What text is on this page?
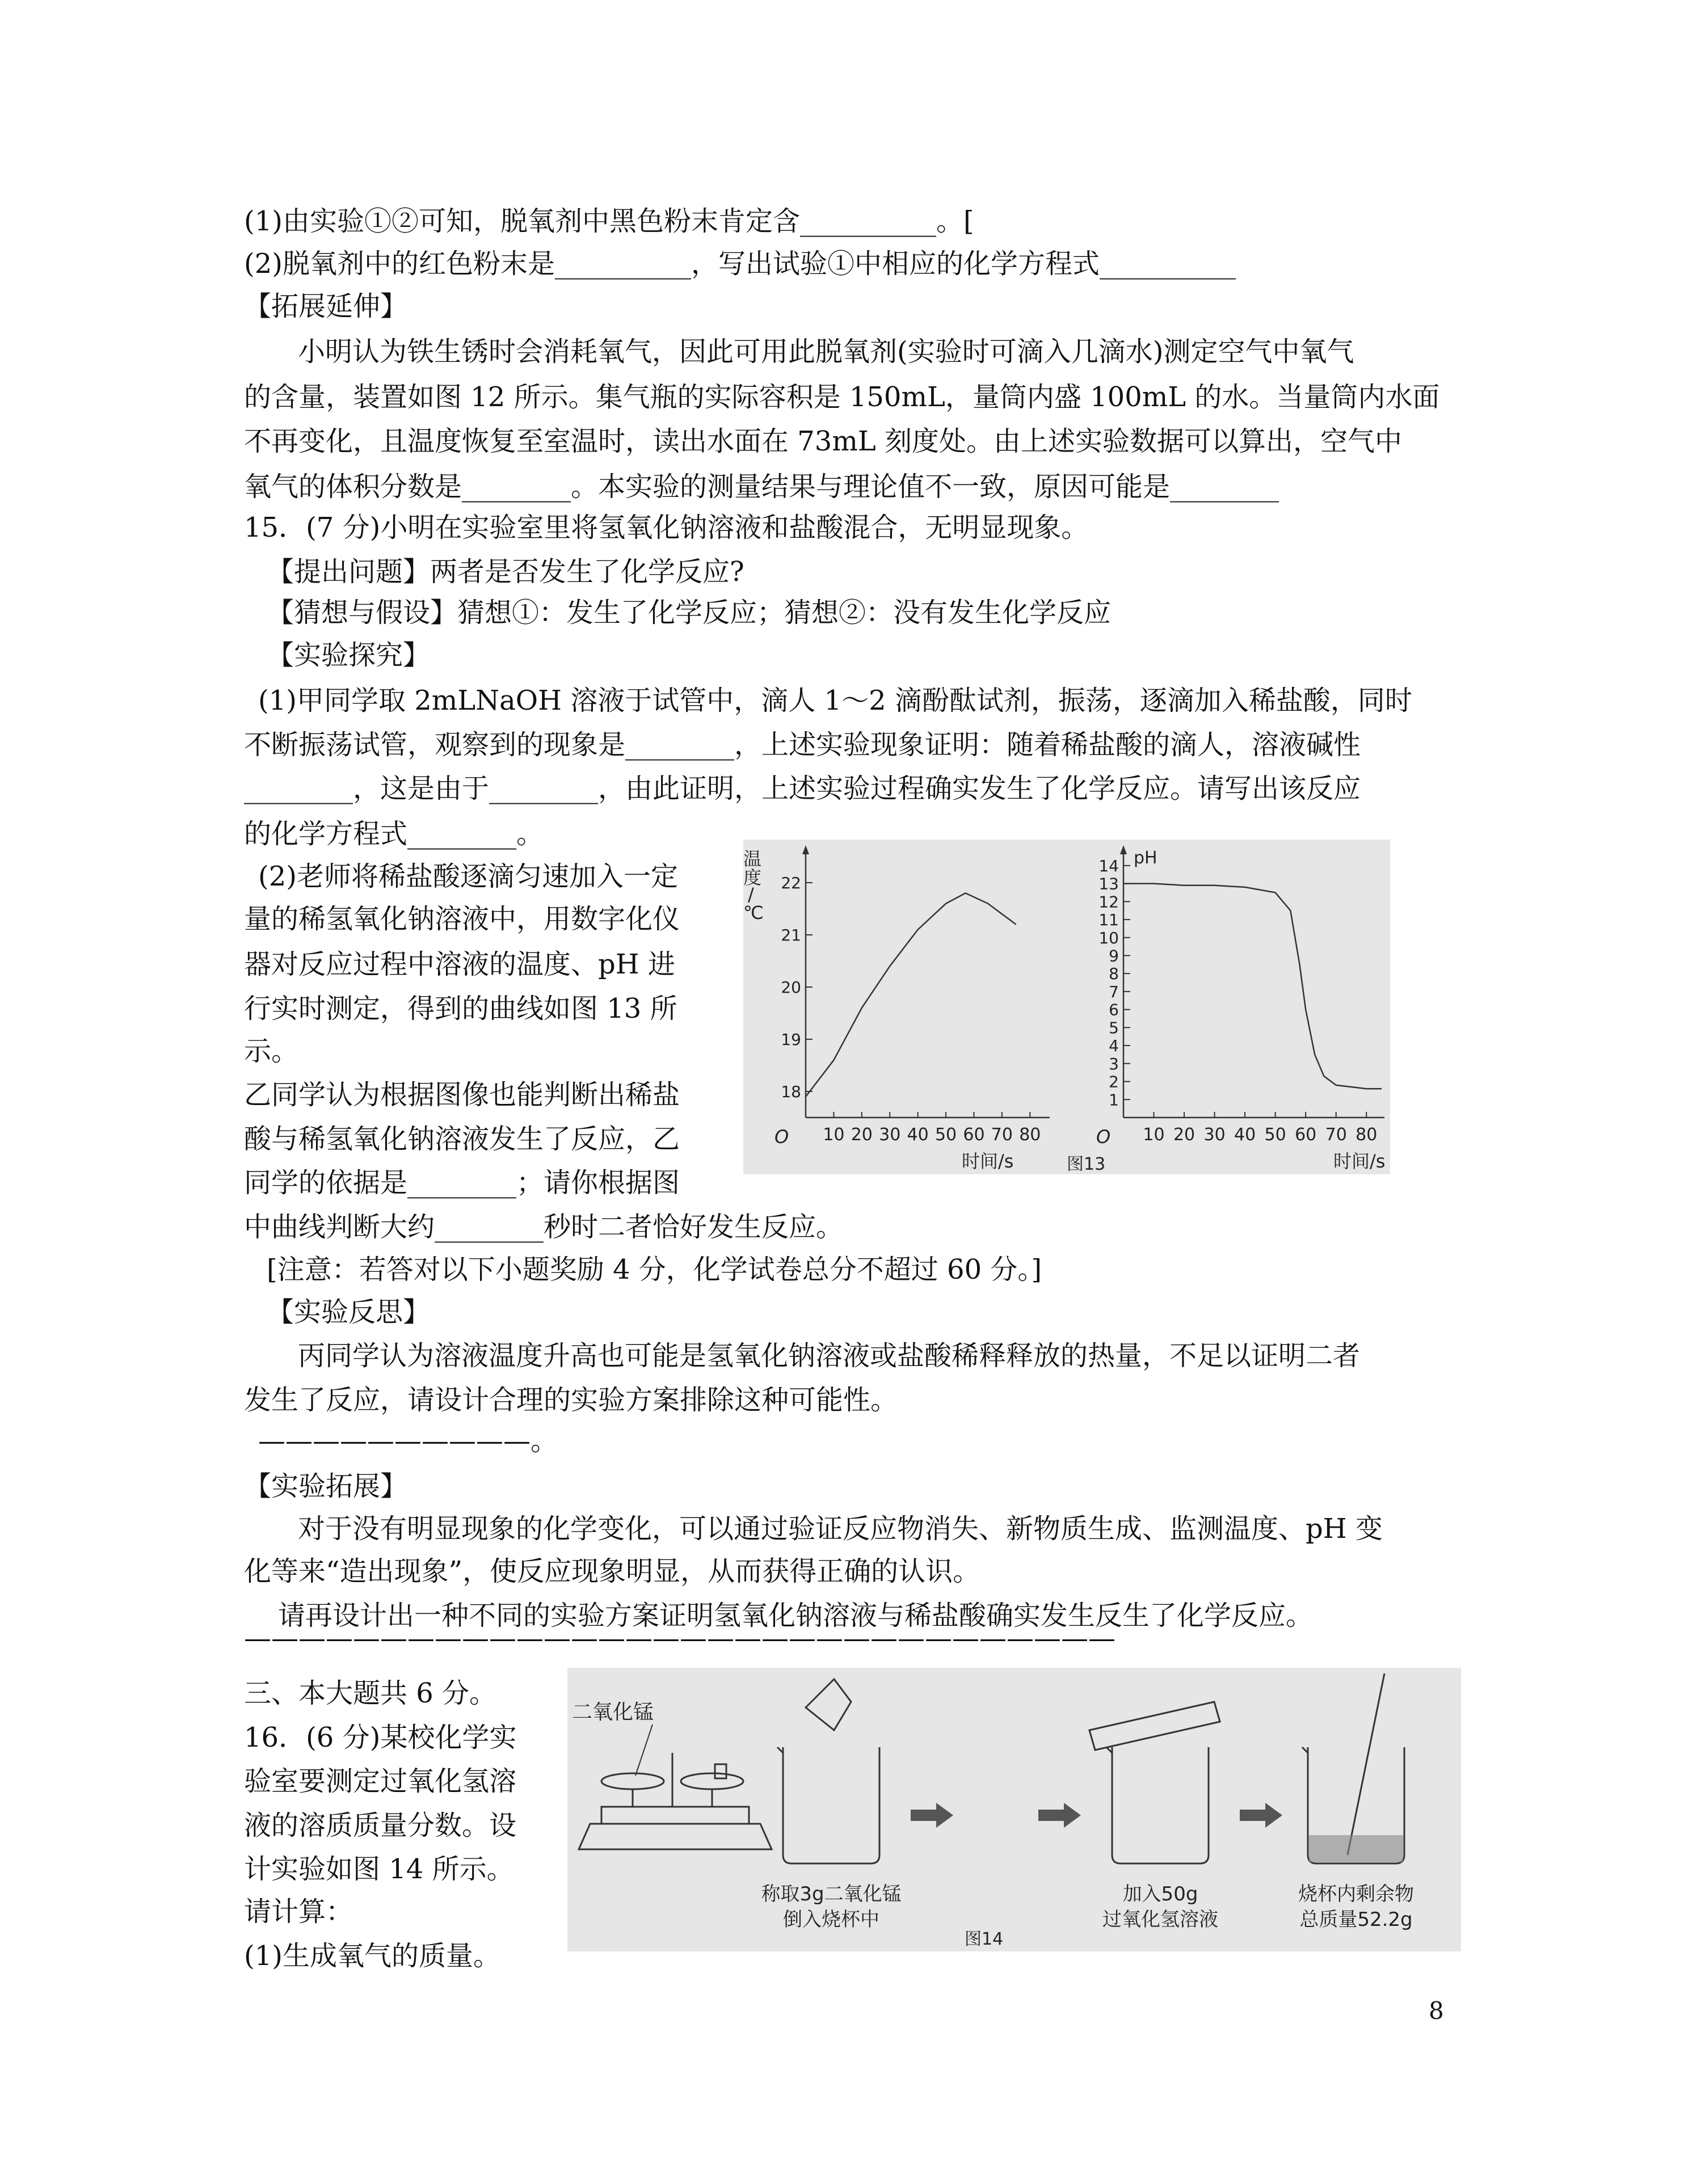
(1)由实验①②可知，脱氧剂中黑色粉末肯定含__________。[
(2)脱氧剂中的红色粉末是__________，写出试验①中相应的化学方程式__________
【拓展延伸】
小明认为铁生锈时会消耗氧气，因此可用此脱氧剂(实验时可滴入几滴水)测定空气中氧气
的含量，装置如图 12 所示。集气瓶的实际容积是 150mL，量筒内盛 100mL 的水。当量筒内水面
不再变化，且温度恢复至室温时，读出水面在 73mL 刻度处。由上述实验数据可以算出，空气中
氧气的体积分数是________。本实验的测量结果与理论值不一致，原因可能是________
15．(7 分)小明在实验室里将氢氧化钠溶液和盐酸混合，无明显现象。
【提出问题】两者是否发生了化学反应?
【猜想与假设】猜想①：发生了化学反应；猜想②：没有发生化学反应
【实验探究】
(1)甲同学取 2mLNaOH 溶液于试管中，滴人 1～2 滴酚酞试剂，振荡，逐滴加入稀盐酸，同时
不断振荡试管，观察到的现象是________，上述实验现象证明：随着稀盐酸的滴人，溶液碱性
________，这是由于________，由此证明，上述实验过程确实发生了化学反应。请写出该反应
的化学方程式________。
(2)老师将稀盐酸逐滴匀速加入一定
量的稀氢氧化钠溶液中，用数字化仪
器对反应过程中溶液的温度、pH 进
行实时测定，得到的曲线如图 13 所
示。
乙同学认为根据图像也能判断出稀盐
酸与稀氢氧化钠溶液发生了反应，乙
同学的依据是________；请你根据图
中曲线判断大约________秒时二者恰好发生反应。
[注意：若答对以下小题奖励 4 分，化学试卷总分不超过 60 分。]
【实验反思】
丙同学认为溶液温度升高也可能是氢氧化钠溶液或盐酸稀释释放的热量，不足以证明二者
发生了反应，请设计合理的实验方案排除这种可能性。
——————————。
【实验拓展】
对于没有明显现象的化学变化，可以通过验证反应物消失、新物质生成、监测温度、pH 变
化等来“造出现象”，使反应现象明显，从而获得正确的认识。
请再设计出一种不同的实验方案证明氢氧化钠溶液与稀盐酸确实发生反生了化学反应。
————————————————————————————————
三、本大题共 6 分。
16．(6 分)某校化学实
验室要测定过氧化氢溶
液的溶质质量分数。设
计实验如图 14 所示。
请计算：
(1)生成氧气的质量。
温
度
/
℃
O
时间/s
22
21
20
19
18
10 20 30 40 50 60 70 80
pH
O
时间/s
14
13
12
11
10
9
8
7
6
5
4
3
2
1
10 20 30 40 50 60 70 80
图13
二氧化锰
称取3g二氧化锰
倒入烧杯中
加入50g
过氧化氢溶液
烧杯内剩余物
总质量52.2g
图14
8
